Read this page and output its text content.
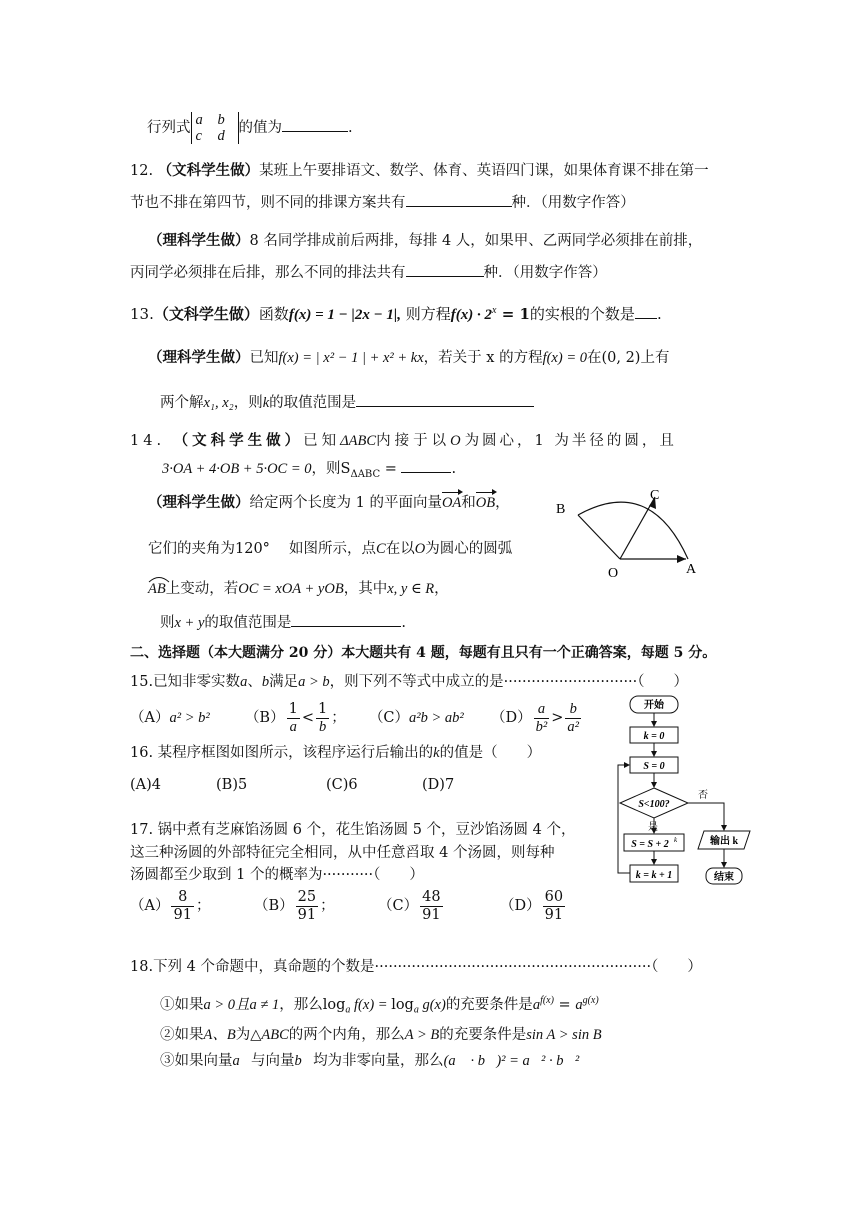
行列式 a b
c d 的值为	.
12. （文科学生做）某班上午要排语文、数学、体育、英语四门课，如果体育课不排在第一
节也不排在第四节，则不同的排课方案共有	种．（用数字作答）
（理科学生做）8 名同学排成前后两排，每排 4 人，如果甲、乙两同学必须排在前排，
丙同学必须排在后排，那么不同的排法共有	种．（用数字作答）
13.（文科学生做）函数f(x) = 1 − |2x − 1|, 则方程$f(x) \cdot 2^x = 1$的实根的个数是 .
（理科学生做）已知f(x) = | x² − 1 | + x² + kx，若关于 x 的方程f(x) = 0在(0, 2)上有
两个解x₁, x₂，则k的取值范围是
14. （文科学生做）已知ΔABC内接于以O为圆心，1 为半径的圆，且
3·OA + 4·OB + 5·OC = 0，则$S_{\Delta ABC}$ =	.
（理科学生做）给定两个长度为 1 的平面向量OA和OB，
它们的夹角为120°　 如图所示，点C在以O为圆心的圆弧
AB
上变动，若OC = xOA + yOB，其中x, y ∈ R，
则x + y的取值范围是	.
B
C
O	A
二、选择题（本大题满分 20 分）本大题共有 4 题，每题有且只有一个正确答案，每题 5 分。
15.已知非零实数a、b满足a > b，则下列不等式中成立的是·····························（　　）
（A）a² > b² $(B) \frac{1}{a} < \frac{1}{b}$ ； （C）a²b > ab² $(D) \frac{a}{\text{b²}} > \frac{b}{\text{a²}}$
16. 某程序框图如图所示，该程序运行后输出的k的值是（　　）
(A)4	(B)5	(C)6	(D)7
开始
k = 0
S = 0
S<100?
否
是
S = S + 2 k	输出 k
结束
k = k + 1
17. 锅中煮有芝麻馅汤圆 6 个，花生馅汤圆 5 个，豆沙馅汤圆 4 个，
这三种汤圆的外部特征完全相同，从中任意舀取 4 个汤圆，则每种
汤圆都至少取到 1 个的概率为···········（　　）
$(A) \frac{8}{91}$ ；	$(B) \frac{25}{91}$ ；	$(C) \frac{48}{91}$	$(D) \frac{60}{91}$
18.下列 4 个命题中，真命题的个数是····························································（　　）
①如果a > 0且a ≠ 1，那么$\log_a f(x) = \log_a g(x)$的充要条件是$a^{f(x)} = a^{g(x)}$
②如果A、B为△ABC的两个内角，那么A > B的充要条件是sin A > sin B
③如果向量a⃗与向量b⃗均为非零向量，那么(a⃗ · b⃗)² = a⃗² · b⃗²
